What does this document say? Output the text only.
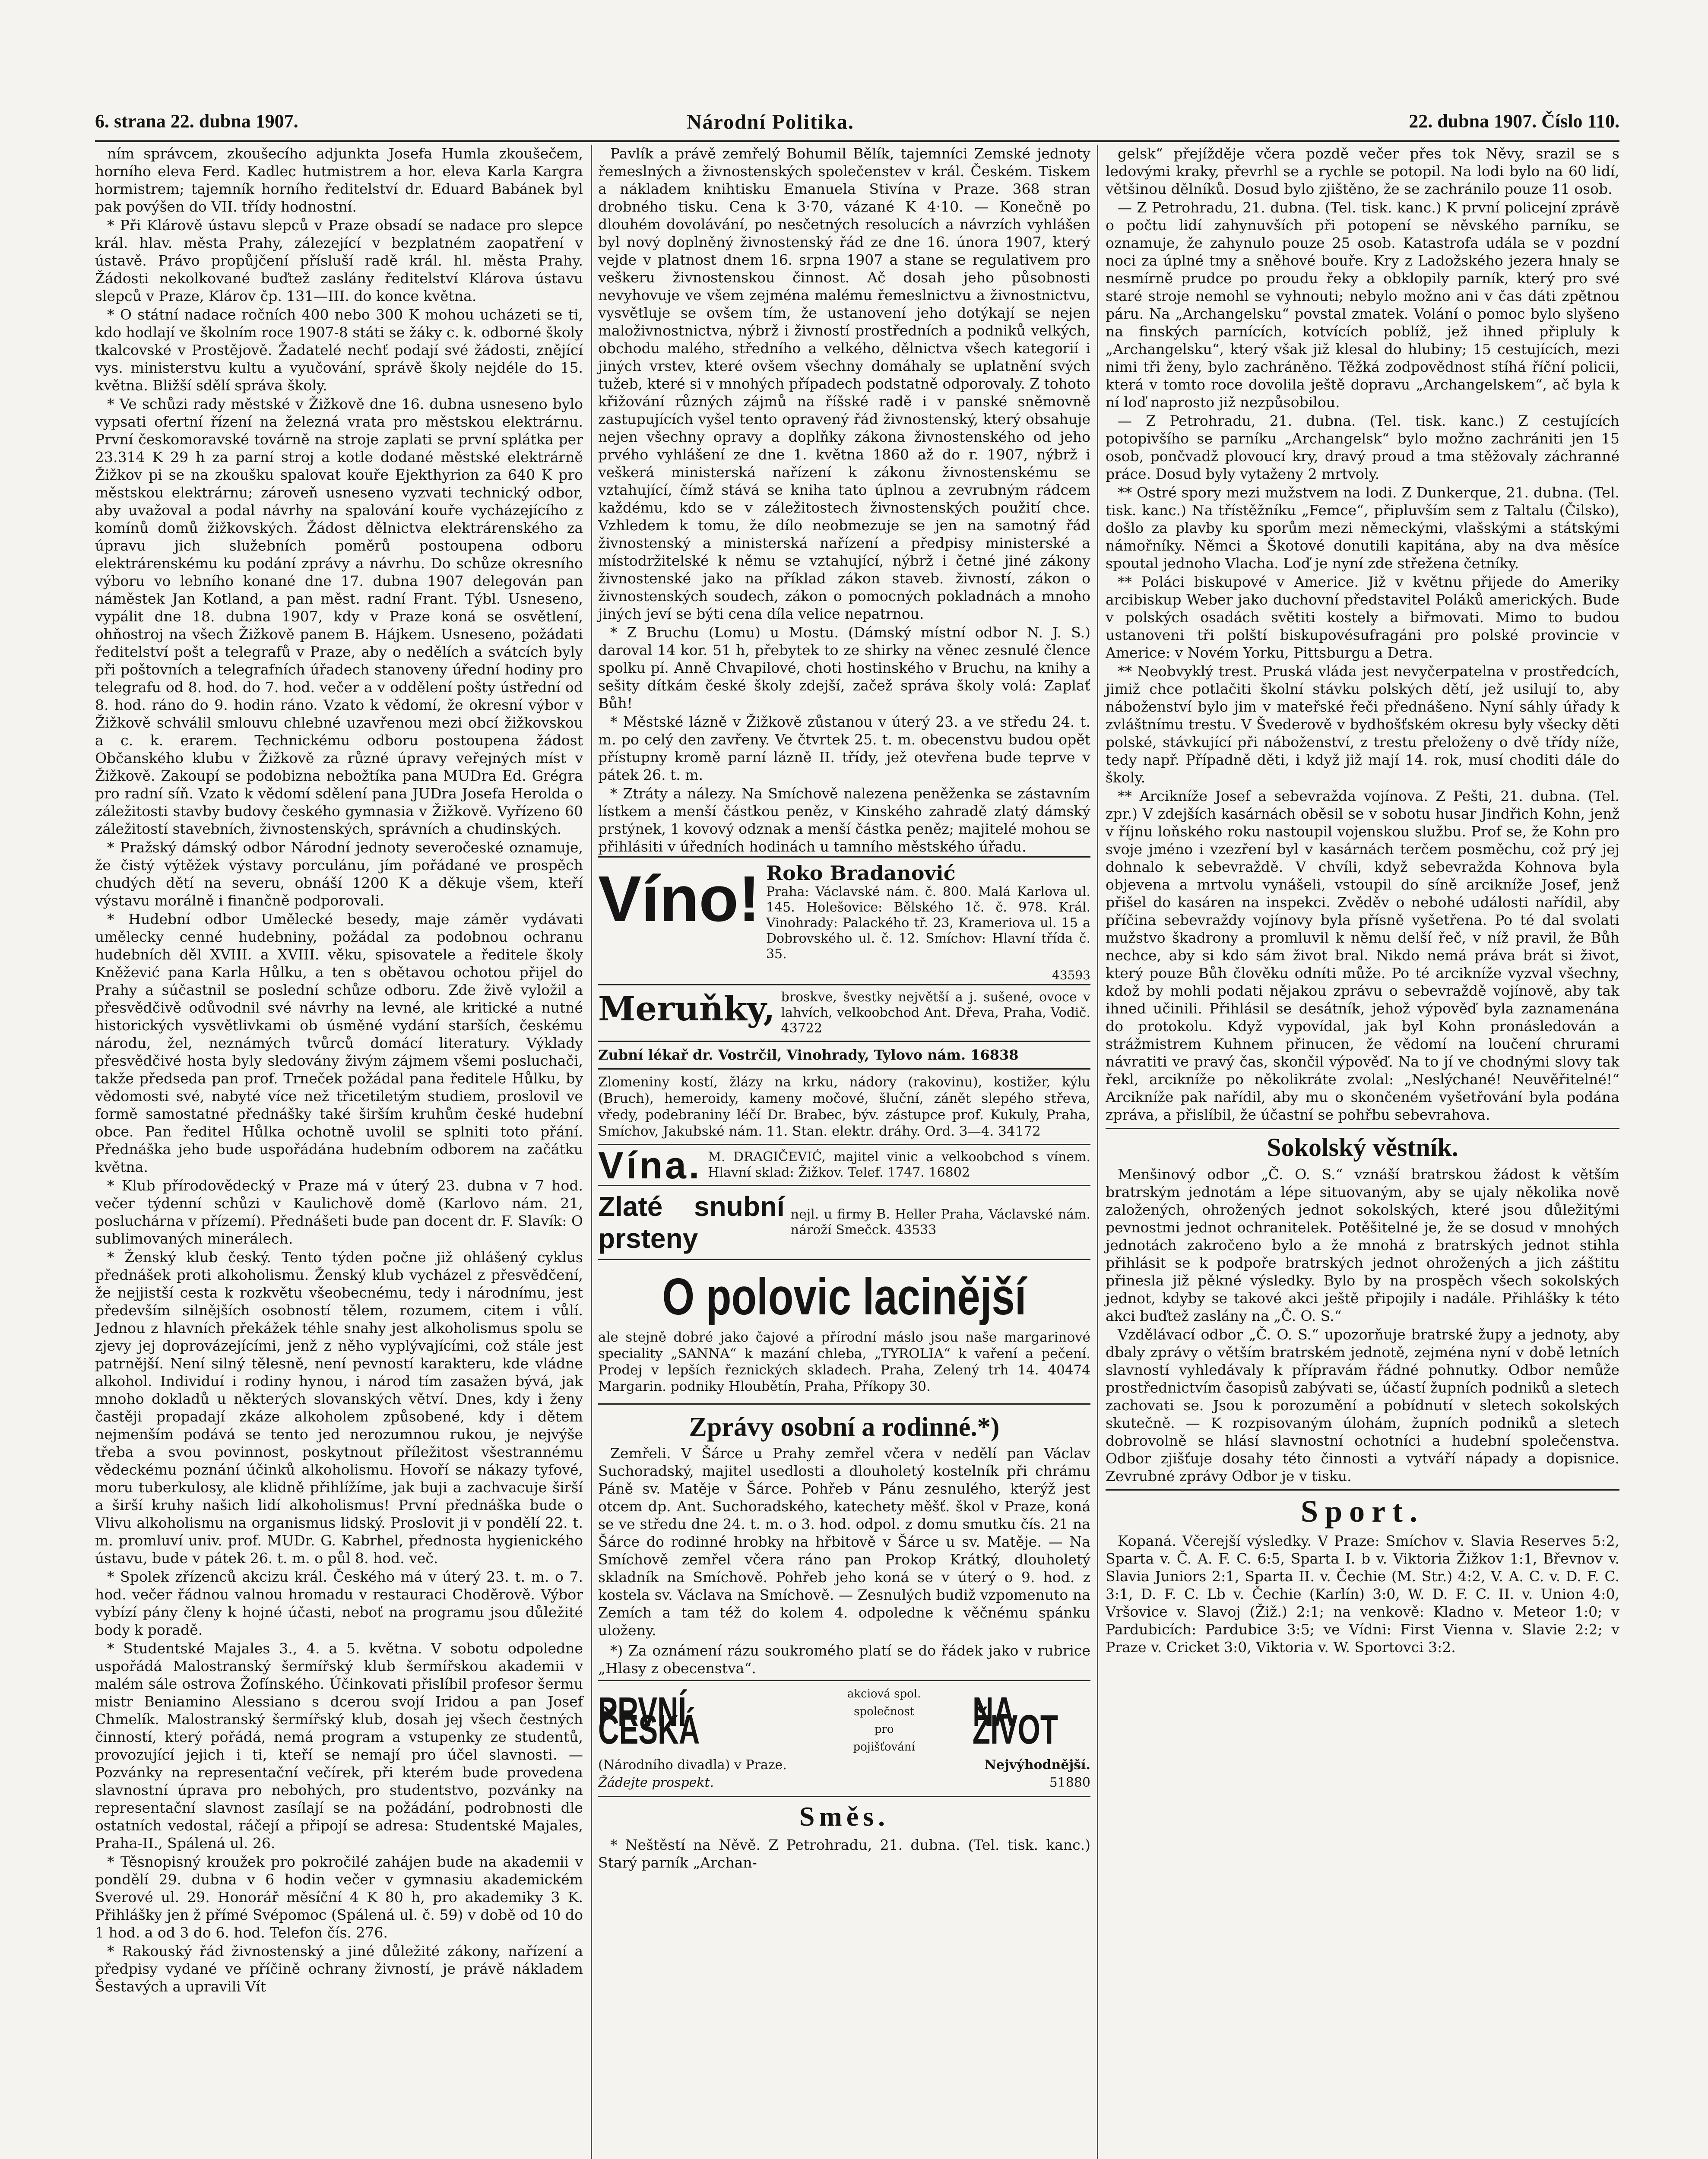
6. strana 22. dubna 1907.	Národní Politika.	22. dubna 1907. Číslo 110.

ním správcem, zkoušecího adjunkta Josefa Humla zkoušečem, horního eleva Ferd. Kadlec hutmistrem a hor. eleva Karla Kargra hormistrem; tajemník horního ředitelství dr. Eduard Babánek byl pak povýšen do VII. třídy hodnostní.

* Při Klárově ústavu slepců v Praze obsadí se nadace pro slepce král. hlav. města Prahy, zálezející v bezplatném zaopatření v ústavě. Právo propůjčení přísluší radě král. hl. města Prahy. Žádosti nekolkované buďtež zaslány ředitelství Klárova ústavu slepců v Praze, Klárov čp. 131—III. do konce května.

* O státní nadace ročních 400 nebo 300 K mohou ucházeti se ti, kdo hodlají ve školním roce 1907-8 státi se žáky c. k. odborné školy tkalcovské v Prostějově. Žadatelé nechť podají své žádosti, znějící vys. ministerstvu kultu a vyučování, správě školy nejdéle do 15. května. Bližší sdělí správa školy.

* Ve schůzi rady městské v Žižkově dne 16. dubna usneseno bylo vypsati ofertní řízení na železná vrata pro městskou elektrárnu. První českomoravské továrně na stroje zaplati se první splátka per 23.314 K 29 h za parní stroj a kotle dodané městské elektrárně Žižkov pi se na zkoušku spalovat kouře Ejekthyrion za 640 K pro městskou elektrárnu; zároveň usneseno vyzvati technický odbor, aby uvažoval a podal návrhy na spalování kouře vycházejícího z komínů domů žižkovských. Žádost dělnictva elektrárenského za úpravu jich služebních poměrů postoupena odboru elektrárenskému ku podání zprávy a návrhu. Do schůze okresního výboru vo lebního konané dne 17. dubna 1907 delegován pan náměstek Jan Kotland, a pan měst. radní Frant. Týbl. Usneseno, vypálit dne 18. dubna 1907, kdy v Praze koná se osvětlení, ohňostroj na všech Žižkově panem B. Hájkem. Usneseno, požádati ředitelství pošt a telegrafů v Praze, aby o nedělích a svátcích byly při poštovních a telegrafních úřadech stanoveny úřední hodiny pro telegrafu od 8. hod. do 7. hod. večer a v oddělení pošty ústřední od 8. hod. ráno do 9. hodin ráno. Vzato k vědomí, že okresní výbor v Žižkově schválil smlouvu chlebné uzavřenou mezi obcí žižkovskou a c. k. erarem. Technickému odboru postoupena žádost Občanského klubu v Žižkově za různé úpravy veřejných míst v Žižkově. Zakoupí se podobizna nebožtíka pana MUDra Ed. Grégra pro radní síň. Vzato k vědomí sdělení pana JUDra Josefa Herolda o záležitosti stavby budovy českého gymnasia v Žižkově. Vyřízeno 60 záležitostí stavebních, živnostenských, správních a chudinských.

* Pražský dámský odbor Národní jednoty severočeské oznamuje, že čistý výtěžek výstavy porculánu, jím pořádané ve prospěch chudých dětí na severu, obnáší 1200 K a děkuje všem, kteří výstavu morálně i finančně podporovali.

* Hudební odbor Umělecké besedy, maje záměr vydávati umělecky cenné hudebniny, požádal za podobnou ochranu hudebních děl XVIII. a XVIII. věku, spisovatele a ředitele školy Kněžević pana Karla Hůlku, a ten s obětavou ochotou přijel do Prahy a súčastnil se poslední schůze odboru. Zde živě vyložil a přesvědčivě odůvodnil své návrhy na levné, ale kritické a nutné historických vysvětlivkami ob úsměné vydání starších, českému národu, žel, neznámých tvůrců domácí literatury. Výklady přesvědčivé hosta byly sledovány živým zájmem všemi posluchači, takže předseda pan prof. Trneček požádal pana ředitele Hůlku, by vědomosti své, nabyté více než třicetiletým studiem, proslovil ve formě samostatné přednášky také širším kruhům české hudební obce. Pan ředitel Hůlka ochotně uvolil se splniti toto přání. Přednáška jeho bude uspořádána hudebním odborem na začátku května.

* Klub přírodovědecký v Praze má v úterý 23. dubna v 7 hod. večer týdenní schůzi v Kaulichově domě (Karlovo nám. 21, posluchárna v přízemí). Přednášeti bude pan docent dr. F. Slavík: O sublimovaných minerálech.

* Ženský klub český. Tento týden počne již ohlášený cyklus přednášek proti alkoholismu. Ženský klub vycházel z přesvědčení, že nejjistší cesta k rozkvětu všeobecnému, tedy i národnímu, jest především silnějších osobností tělem, rozumem, citem i vůlí. Jednou z hlavních překážek téhle snahy jest alkoholismus spolu se zjevy jej doprovázejícími, jenž z něho vyplývajícími, což stále jest patrnější. Není silný tělesně, není pevností karakteru, kde vládne alkohol. Individuí i rodiny hynou, i národ tím zasažen bývá, jak mnoho dokladů u některých slovanských větví. Dnes, kdy i ženy častěji propadají zkáze alkoholem způsobené, kdy i dětem nejmenším podává se tento jed nerozumnou rukou, je nejvýše třeba a svou povinnost, poskytnout příležitost všestrannému vědeckému poznání účinků alkoholismu. Hovoří se nákazy tyfové, moru tuberkulosy, ale klidně přihlížíme, jak buji a zachvacuje širší a širší kruhy našich lidí alkoholismus! První přednáška bude o Vlivu alkoholismu na organismus lidský. Proslovit ji v pondělí 22. t. m. promluví univ. prof. MUDr. G. Kabrhel, přednosta hygienického ústavu, bude v pátek 26. t. m. o půl 8. hod. več.

* Spolek zřízenců akcizu král. Českého má v úterý 23. t. m. o 7. hod. večer řádnou valnou hromadu v restauraci Choděrově. Výbor vybízí pány členy k hojné účasti, neboť na programu jsou důležité body k poradě.

* Studentské Majales 3., 4. a 5. května. V sobotu odpoledne uspořádá Malostranský šermířský klub šermířskou akademii v malém sále ostrova Žofínského. Účinkovati přislíbil profesor šermu mistr Beniamino Alessiano s dcerou svojí Iridou a pan Josef Chmelík. Malostranský šermířský klub, dosah jej všech čestných činností, který pořádá, nemá program a vstupenky ze studentů, provozující jejich i ti, kteří se nemají pro účel slavnosti. — Pozvánky na representační večírek, při kterém bude provedena slavnostní úprava pro nebohých, pro studentstvo, pozvánky na representační slavnost zasílají se na požádání, podrobnosti dle ostatních vedostal, ráčejí a připojí se adresa: Studentské Majales, Praha-II., Spálená ul. 26.

* Těsnopisný kroužek pro pokročilé zahájen bude na akademii v pondělí 29. dubna v 6 hodin večer v gymnasiu akademickém Sverové ul. 29. Honorář měsíční 4 K 80 h, pro akademiky 3 K. Přihlášky jen ž přímé Svépomoc (Spálená ul. č. 59) v době od 10 do 1 hod. a od 3 do 6. hod. Telefon čís. 276.

* Rakouský řád živnostenský a jiné důležité zákony, nařízení a předpisy vydané ve příčině ochrany živností, je právě nákladem Šestavých a upravili Vít

Pavlík a právě zemřelý Bohumil Bělík, tajemníci Zemské jednoty řemeslných a živnostenských společenstev v král. Českém. Tiskem a nákladem knihtisku Emanuela Stivína v Praze. 368 stran drobného tisku. Cena k 3·70, vázané K 4·10. — Konečně po dlouhém dovolávání, po nesčetných resolucích a návrzích vyhlášen byl nový doplněný živnostenský řád ze dne 16. února 1907, který vejde v platnost dnem 16. srpna 1907 a stane se regulativem pro veškeru živnostenskou činnost. Ač dosah jeho působnosti nevyhovuje ve všem zejména malému řemeslnictvu a živnostnictvu, vysvětluje se ovšem tím, že ustanovení jeho dotýkají se nejen maloživnostnictva, nýbrž i živností prostředních a podniků velkých, obchodu malého, středního a velkého, dělnictva všech kategorií i jiných vrstev, které ovšem všechny domáhaly se uplatnění svých tužeb, které si v mnohých případech podstatně odporovaly. Z tohoto křižování různých zájmů na říšské radě i v panské sněmovně zastupujících vyšel tento opravený řád živnostenský, který obsahuje nejen všechny opravy a doplňky zákona živnostenského od jeho prvého vyhlášení ze dne 1. května 1860 až do r. 1907, nýbrž i veškerá ministerská nařízení k zákonu živnostenskému se vztahující, čímž stává se kniha tato úplnou a zevrubným rádcem každému, kdo se v záležitostech živnostenských použití chce. Vzhledem k tomu, že dílo neobmezuje se jen na samotný řád živnostenský a ministerská nařízení a předpisy ministerské a místodržitelské k němu se vztahující, nýbrž i četné jiné zákony živnostenské jako na příklad zákon staveb. živností, zákon o živnostenských soudech, zákon o pomocných pokladnách a mnoho jiných jeví se býti cena díla velice nepatrnou.

* Z Bruchu (Lomu) u Mostu. (Dámský místní odbor N. J. S.) daroval 14 kor. 51 h, přebytek to ze shirky na věnec zesnulé člence spolku pí. Anně Chvapilové, choti hostinského v Bruchu, na knihy a sešity dítkám české školy zdejší, začež správa školy volá: Zaplať Bůh!

* Městské lázně v Žižkově zůstanou v úterý 23. a ve středu 24. t. m. po celý den zavřeny. Ve čtvrtek 25. t. m. obecenstvu budou opět přístupny kromě parní lázně II. třídy, jež otevřena bude teprve v pátek 26. t. m.

* Ztráty a nálezy. Na Smíchově nalezena peněženka se zástavním lístkem a menší částkou peněz, v Kinského zahradě zlatý dámský prstýnek, 1 kovový odznak a menší částka peněz; majitelé mohou se přihlásiti v úředních hodinách u tamního městského úřadu.

Víno! Roko Bradanović
Praha: Václavské nám. č. 800. Malá Karlova ul. 145. Holešovice: Bělského 1č. č. 978. Král. Vinohrady: Palackého tř. 23, Krameriova ul. 15 a Dobrovského ul. č. 12. Smíchov: Hlavní třída č. 35.
43593
Meruňky, broskve, švestky největší a j. sušené, ovoce v lahvích, velkoobchod Ant. Dřeva, Praha, Vodič. 43722
Zubní lékař dr. Vostrčil, Vinohrady, Tylovo nám. 16838
Zlomeniny kostí, žlázy na krku, nádory (rakovinu), kostižer, kýlu (Bruch), hemeroidy, kameny močové, šluční, zánět slepého střeva, vředy, podebraniny léčí Dr. Brabec, býv. zástupce prof. Kukuly, Praha, Smíchov, Jakubské nám. 11. Stan. elektr. dráhy. Ord. 3—4. 34172
Vína. M. DRAGIČEVIĆ, majitel vinic a velkoobchod s vínem. Hlavní sklad: Žižkov. Telef. 1747. 16802
Zlaté snubní prsteny
nejl. u firmy B. Heller Praha, Václavské nám. nároží Smečck. 43533
O polovic lacinější
ale stejně dobré jako čajové a přírodní máslo jsou naše margarinové speciality „SANNA“ k mazání chleba, „TYROLIA“ k vaření a pečení. Prodej v lepších řeznických skladech. Praha, Zelený trh 14. 40474 Margarin. podniky Hloubětín, Praha, Příkopy 30.
Zprávy osobní a rodinné.*)

Zemřeli. V Šárce u Prahy zemřel včera v nedělí pan Václav Suchoradský, majitel usedlosti a dlouholetý kostelník při chrámu Páně sv. Matěje v Šárce. Pohřeb v Pánu zesnulého, kterýž jest otcem dp. Ant. Suchoradského, katechety měšť. škol v Praze, koná se ve středu dne 24. t. m. o 3. hod. odpol. z domu smutku čís. 21 na Šárce do rodinné hrobky na hřbitově v Šárce u sv. Matěje. — Na Smíchově zemřel včera ráno pan Prokop Krátký, dlouholetý skladník na Smíchově. Pohřeb jeho koná se v úterý o 9. hod. z kostela sv. Václava na Smíchově. — Zesnulých budiž vzpomenuto na Zemích a tam též do kolem 4. odpoledne k věčnému spánku uloženy.

*) Za oznámení rázu soukromého platí se do řádek jako v rubrice „Hlasy z obecenstva“.

PRVNÍ ČESKÁ
akciová spol. společnost pro pojišťování
NA ŽIVOT
(Národního divadla) v Praze.	Nejvýhodnější.
Žádejte prospekt.	51880
Směs.

* Neštěstí na Něvě. Z Petrohradu, 21. dubna. (Tel. tisk. kanc.) Starý parník „Archan-

gelsk“ přejížděje včera pozdě večer přes tok Něvy, srazil se s ledovými kraky, převrhl se a rychle se potopil. Na lodi bylo na 60 lidí, většinou dělníků. Dosud bylo zjištěno, že se zachránilo pouze 11 osob.

— Z Petrohradu, 21. dubna. (Tel. tisk. kanc.) K první policejní zprávě o počtu lidí zahynuvších při potopení se něvského parníku, se oznamuje, že zahynulo pouze 25 osob. Katastrofa udála se v pozdní noci za úplné tmy a sněhové bouře. Kry z Ladožského jezera hnaly se nesmírně prudce po proudu řeky a obklopily parník, který pro své staré stroje nemohl se vyhnouti; nebylo možno ani v čas dáti zpětnou páru. Na „Archangelsku“ povstal zmatek. Volání o pomoc bylo slyšeno na finských parnících, kotvících poblíž, jež ihned připluly k „Archangelsku“, který však již klesal do hlubiny; 15 cestujících, mezi nimi tři ženy, bylo zachráněno. Těžká zodpovědnost stíhá říční policii, která v tomto roce dovolila ještě dopravu „Archangelskem“, ač byla k ní loď naprosto již nezpůsobilou.

— Z Petrohradu, 21. dubna. (Tel. tisk. kanc.) Z cestujících potopivšího se parníku „Archangelsk“ bylo možno zachrániti jen 15 osob, pončvadž plovoucí kry, dravý proud a tma stěžovaly záchranné práce. Dosud byly vytaženy 2 mrtvoly.

** Ostré spory mezi mužstvem na lodi. Z Dunkerque, 21. dubna. (Tel. tisk. kanc.) Na třístěžníku „Femce“, připluvším sem z Taltalu (Čilsko), došlo za plavby ku sporům mezi německými, vlašskými a státskými námořníky. Němci a Škotové donutili kapitána, aby na dva měsíce spoutal jednoho Vlacha. Loď je nyní zde střežena četníky.

** Poláci biskupové v Americe. Již v květnu přijede do Ameriky arcibiskup Weber jako duchovní představitel Poláků amerických. Bude v polských osadách světiti kostely a biřmovati. Mimo to budou ustanoveni tři polští biskupovésufragáni pro polské provincie v Americe: v Novém Yorku, Pittsburgu a Detra.

** Neobvyklý trest. Pruská vláda jest nevyčerpatelna v prostředcích, jimiž chce potlačiti školní stávku polských dětí, jež usilují to, aby náboženství bylo jim v mateřské řeči přednášeno. Nyní sáhly úřady k zvláštnímu trestu. V Švederově v bydhošťském okresu byly všecky děti polské, stávkující při náboženství, z trestu přeloženy o dvě třídy níže, tedy např. Případně děti, i když již mají 14. rok, musí choditi dále do školy.

** Arcikníže Josef a sebevražda vojínova. Z Pešti, 21. dubna. (Tel. zpr.) V zdejších kasárnách oběsil se v sobotu husar Jindřich Kohn, jenž v říjnu loňského roku nastoupil vojenskou službu. Prof se, že Kohn pro svoje jméno i vzezření byl v kasárnách terčem posměchu, což prý jej dohnalo k sebevraždě. V chvíli, když sebevražda Kohnova byla objevena a mrtvolu vynášeli, vstoupil do síně arcikníže Josef, jenž přišel do kasáren na inspekci. Zvěděv o nebohé události nařídil, aby příčina sebevraždy vojínovy byla přísně vyšetřena. Po té dal svolati mužstvo škadrony a promluvil k němu delší řeč, v níž pravil, že Bůh nechce, aby si kdo sám život bral. Nikdo nemá práva brát si život, který pouze Bůh člověku odníti může. Po té arcikníže vyzval všechny, kdož by mohli podati nějakou zprávu o sebevraždě vojínově, aby tak ihned učinili. Přihlásil se desátník, jehož výpověď byla zaznamenána do protokolu. Když vypovídal, jak byl Kohn pronásledován a strážmistrem Kuhnem přinucen, že vědomí na loučení chrurami návratiti ve pravý čas, skončil výpověď. Na to jí ve chodnými slovy tak řekl, arcikníže po několikráte zvolal: „Neslýchané! Neuvěřitelné!“ Arcikníže pak nařídil, aby mu o skončeném vyšetřování byla podána zpráva, a přislíbil, že účastní se pohřbu sebevrahova.

Sokolský věstník.

Menšinový odbor „Č. O. S.“ vznáší bratrskou žádost k větším bratrským jednotám a lépe situovaným, aby se ujaly několika nově založených, ohrožených jednot sokolských, které jsou důležitými pevnostmi jednot ochranitelek. Potěšitelné je, že se dosud v mnohých jednotách zakročeno bylo a že mnohá z bratrských jednot stihla přihlásit se k podpoře bratrských jednot ohrožených a jich záštitu přinesla již pěkné výsledky. Bylo by na prospěch všech sokolských jednot, kdyby se takové akci ještě připojily i nadále. Přihlášky k této akci buďtež zaslány na „Č. O. S.“

Vzdělávací odbor „Č. O. S.“ upozorňuje bratrské župy a jednoty, aby dbaly zprávy o větším bratrském jednotě, zejména nyní v době letních slavností vyhledávaly k přípravám řádné pohnutky. Odbor nemůže prostřednictvím časopisů zabývati se, účastí župních podniků a sletech zachovati se. Jsou k porozumění a pobídnutí v sletech sokolských skutečně. — K rozpisovaným úlohám, župních podniků a sletech dobrovolně se hlásí slavnostní ochotníci a hudební společenstva. Odbor zjišťuje dosahy této činnosti a vytváří nápady a dopisnice. Zevrubné zprávy Odbor je v tisku.

Sport.

Kopaná. Včerejší výsledky. V Praze: Smíchov v. Slavia Reserves 5:2, Sparta v. Č. A. F. C. 6:5, Sparta I. b v. Viktoria Žižkov 1:1, Břevnov v. Slavia Juniors 2:1, Sparta II. v. Čechie (M. Str.) 4:2, V. A. C. v. D. F. C. 3:1, D. F. C. Lb v. Čechie (Karlín) 3:0, W. D. F. C. II. v. Union 4:0, Vršovice v. Slavoj (Žiž.) 2:1; na venkově: Kladno v. Meteor 1:0; v Pardubicích: Pardubice 3:5; ve Vídni: First Vienna v. Slavie 2:2; v Praze v. Cricket 3:0, Viktoria v. W. Sportovci 3:2.
